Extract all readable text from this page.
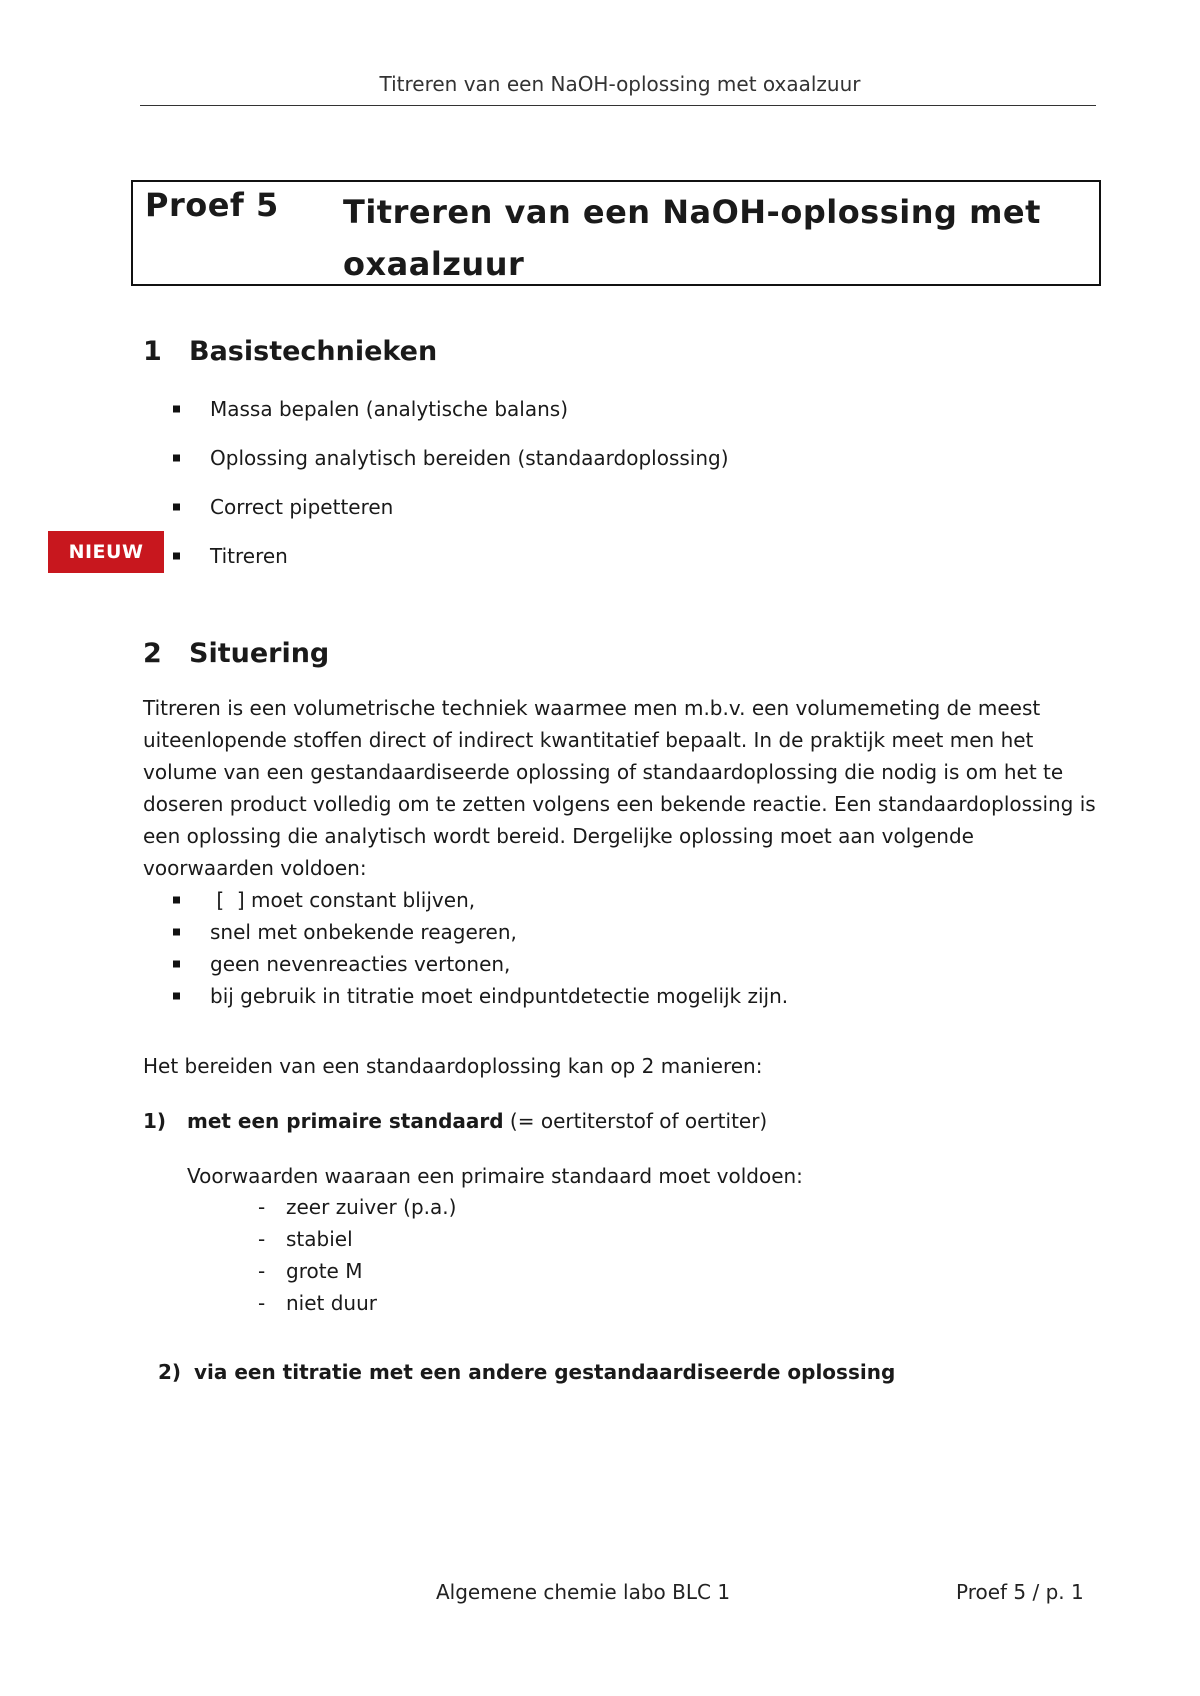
Titreren van een NaOH-oplossing met oxaalzuur
Proef 5 Titreren van een NaOH-oplossing met oxaalzuur
1 Basistechnieken
Massa bepalen (analytische balans)
Oplossing analytisch bereiden (standaardoplossing)
Correct pipetteren
Titreren
NIEUW
2 Situering
Titreren is een volumetrische techniek waarmee men m.b.v. een volumemeting de meest uiteenlopende stoffen direct of indirect kwantitatief bepaalt. In de praktijk meet men het volume van een gestandaardiseerde oplossing of standaardoplossing die nodig is om het te doseren product volledig om te zetten volgens een bekende reactie. Een standaardoplossing is een oplossing die analytisch wordt bereid. Dergelijke oplossing moet aan volgende voorwaarden voldoen:
[  ] moet constant blijven,
snel met onbekende reageren,
geen nevenreacties vertonen,
bij gebruik in titratie moet eindpuntdetectie mogelijk zijn.
Het bereiden van een standaardoplossing kan op 2 manieren:
1) met een primaire standaard (= oertiterstof of oertiter)
Voorwaarden waaraan een primaire standaard moet voldoen:
- zeer zuiver (p.a.)
- stabiel
- grote M
- niet duur
2) via een titratie met een andere gestandaardiseerde oplossing
Algemene chemie labo BLC 1	Proef 5 / p. 1
